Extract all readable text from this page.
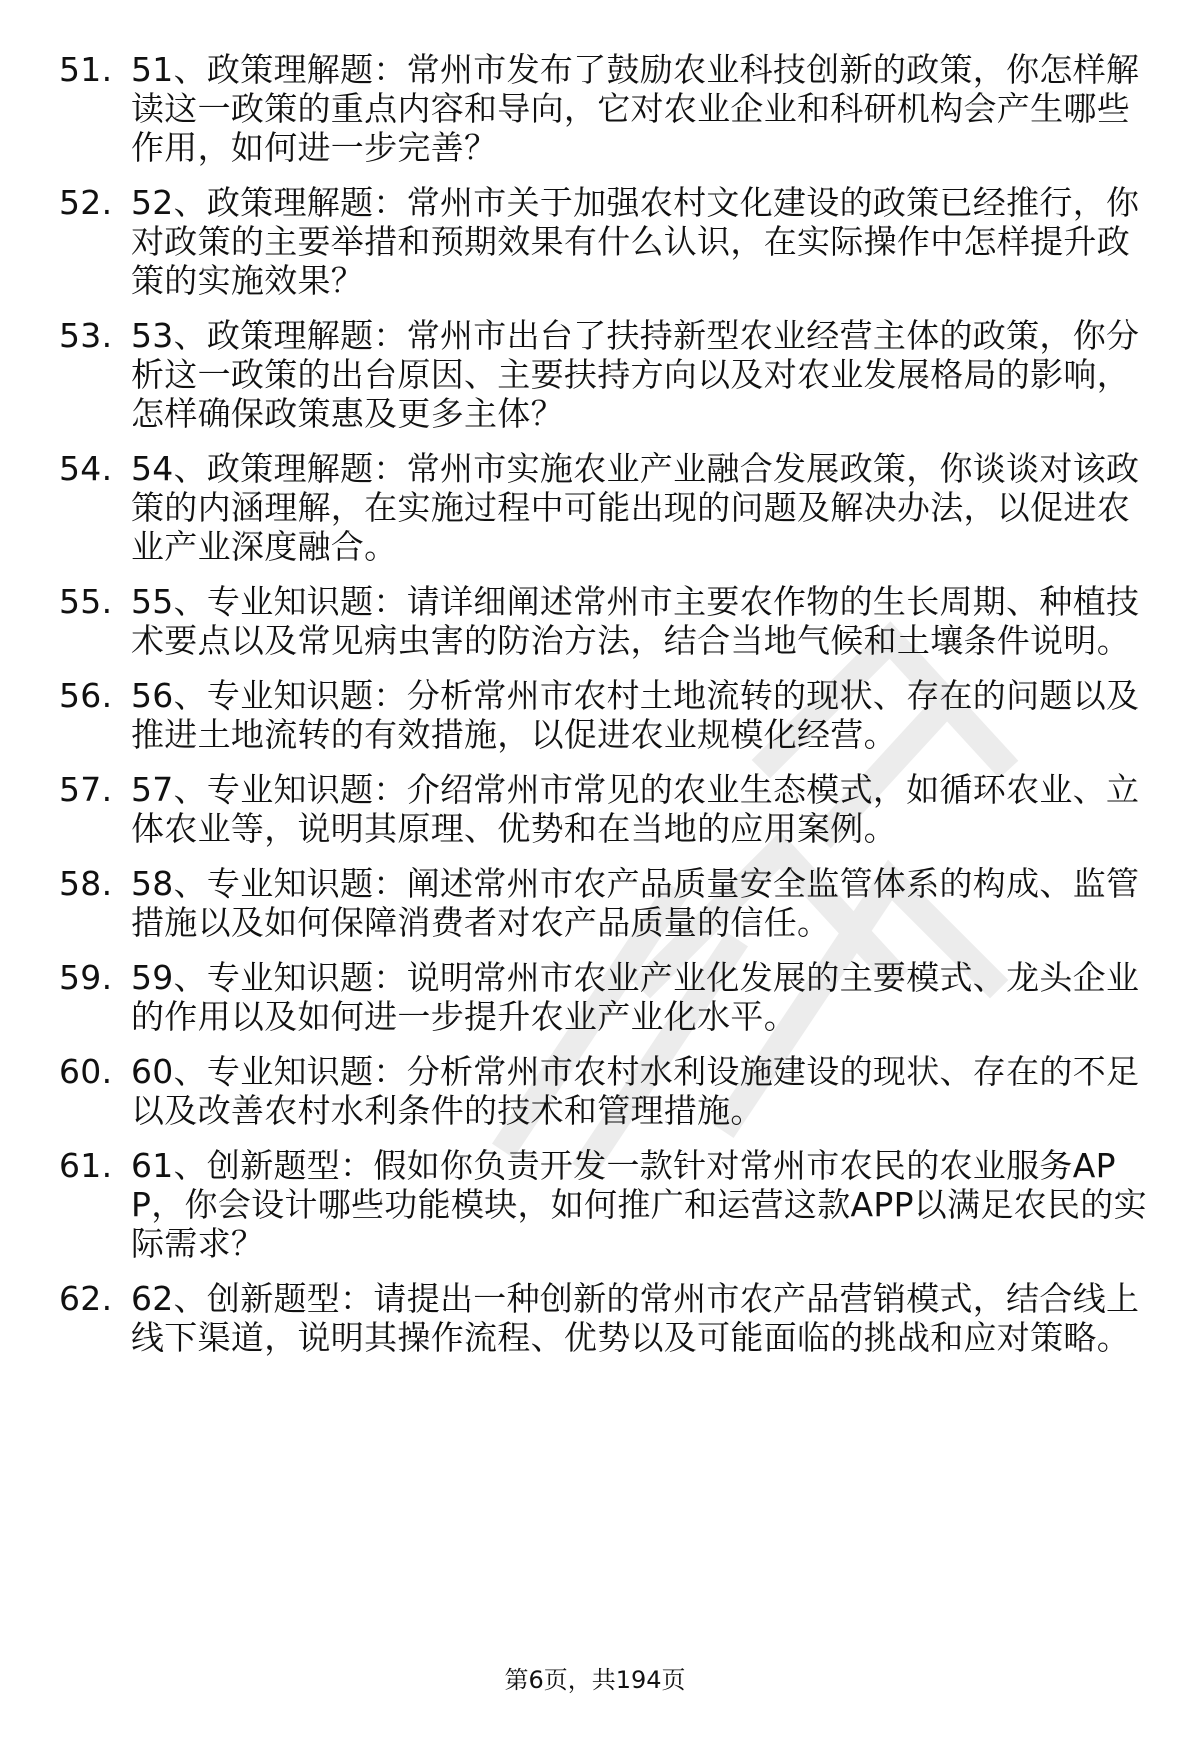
51. 51、政策理解题：常州市发布了鼓励农业科技创新的政策，你怎样解读这一政策的重点内容和导向，它对农业企业和科研机构会产生哪些作用，如何进一步完善？
52. 52、政策理解题：常州市关于加强农村文化建设的政策已经推行，你对政策的主要举措和预期效果有什么认识，在实际操作中怎样提升政策的实施效果？
53. 53、政策理解题：常州市出台了扶持新型农业经营主体的政策，你分析这一政策的出台原因、主要扶持方向以及对农业发展格局的影响，怎样确保政策惠及更多主体？
54. 54、政策理解题：常州市实施农业产业融合发展政策，你谈谈对该政策的内涵理解，在实施过程中可能出现的问题及解决办法，以促进农业产业深度融合。
55. 55、专业知识题：请详细阐述常州市主要农作物的生长周期、种植技术要点以及常见病虫害的防治方法，结合当地气候和土壤条件说明。
56. 56、专业知识题：分析常州市农村土地流转的现状、存在的问题以及推进土地流转的有效措施，以促进农业规模化经营。
57. 57、专业知识题：介绍常州市常见的农业生态模式，如循环农业、立体农业等，说明其原理、优势和在当地的应用案例。
58. 58、专业知识题：阐述常州市农产品质量安全监管体系的构成、监管措施以及如何保障消费者对农产品质量的信任。
59. 59、专业知识题：说明常州市农业产业化发展的主要模式、龙头企业的作用以及如何进一步提升农业产业化水平。
60. 60、专业知识题：分析常州市农村水利设施建设的现状、存在的不足以及改善农村水利条件的技术和管理措施。
61. 61、创新题型：假如你负责开发一款针对常州市农民的农业服务APP，你会设计哪些功能模块，如何推广和运营这款APP以满足农民的实际需求？
62. 62、创新题型：请提出一种创新的常州市农产品营销模式，结合线上线下渠道，说明其操作流程、优势以及可能面临的挑战和应对策略。
第6页，共194页
